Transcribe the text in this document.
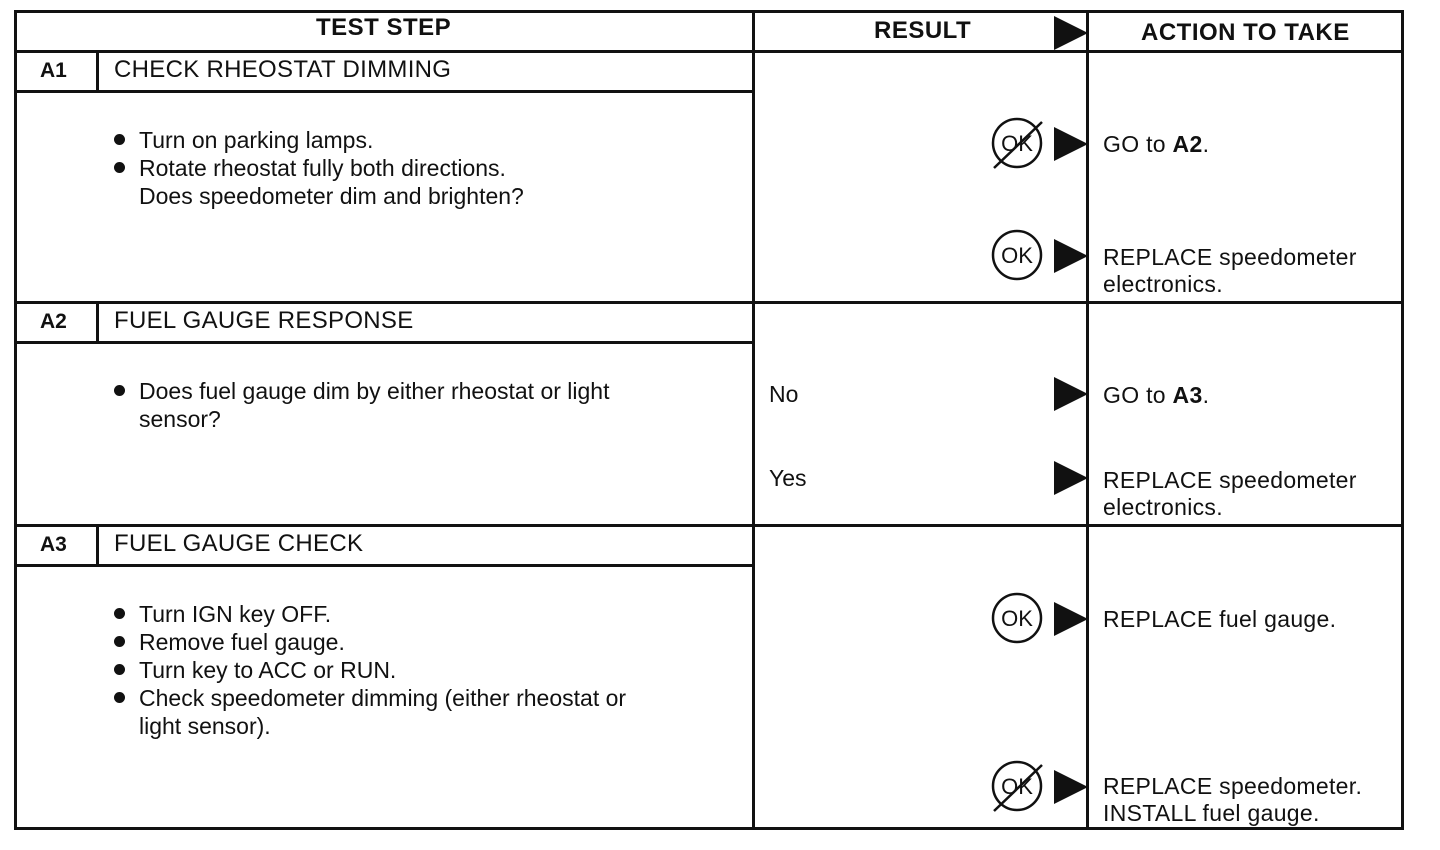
TEST STEP	RESULT	ACTION TO TAKE
A1 CHECK RHEOSTAT DIMMING
Turn on parking lamps.
Rotate rheostat fully both directions.
Does speedometer dim and brighten?
OK	GO to A2.
OK	REPLACE speedometer
electronics.
A2 FUEL GAUGE RESPONSE
Does fuel gauge dim by either rheostat or light
sensor?
No	GO to A3.
Yes	REPLACE speedometer
electronics.
A3 FUEL GAUGE CHECK
Turn IGN key OFF.
Remove fuel gauge.
Turn key to ACC or RUN.
Check speedometer dimming (either rheostat or
light sensor).
OK	REPLACE fuel gauge.
OK	REPLACE speedometer.
INSTALL fuel gauge.
